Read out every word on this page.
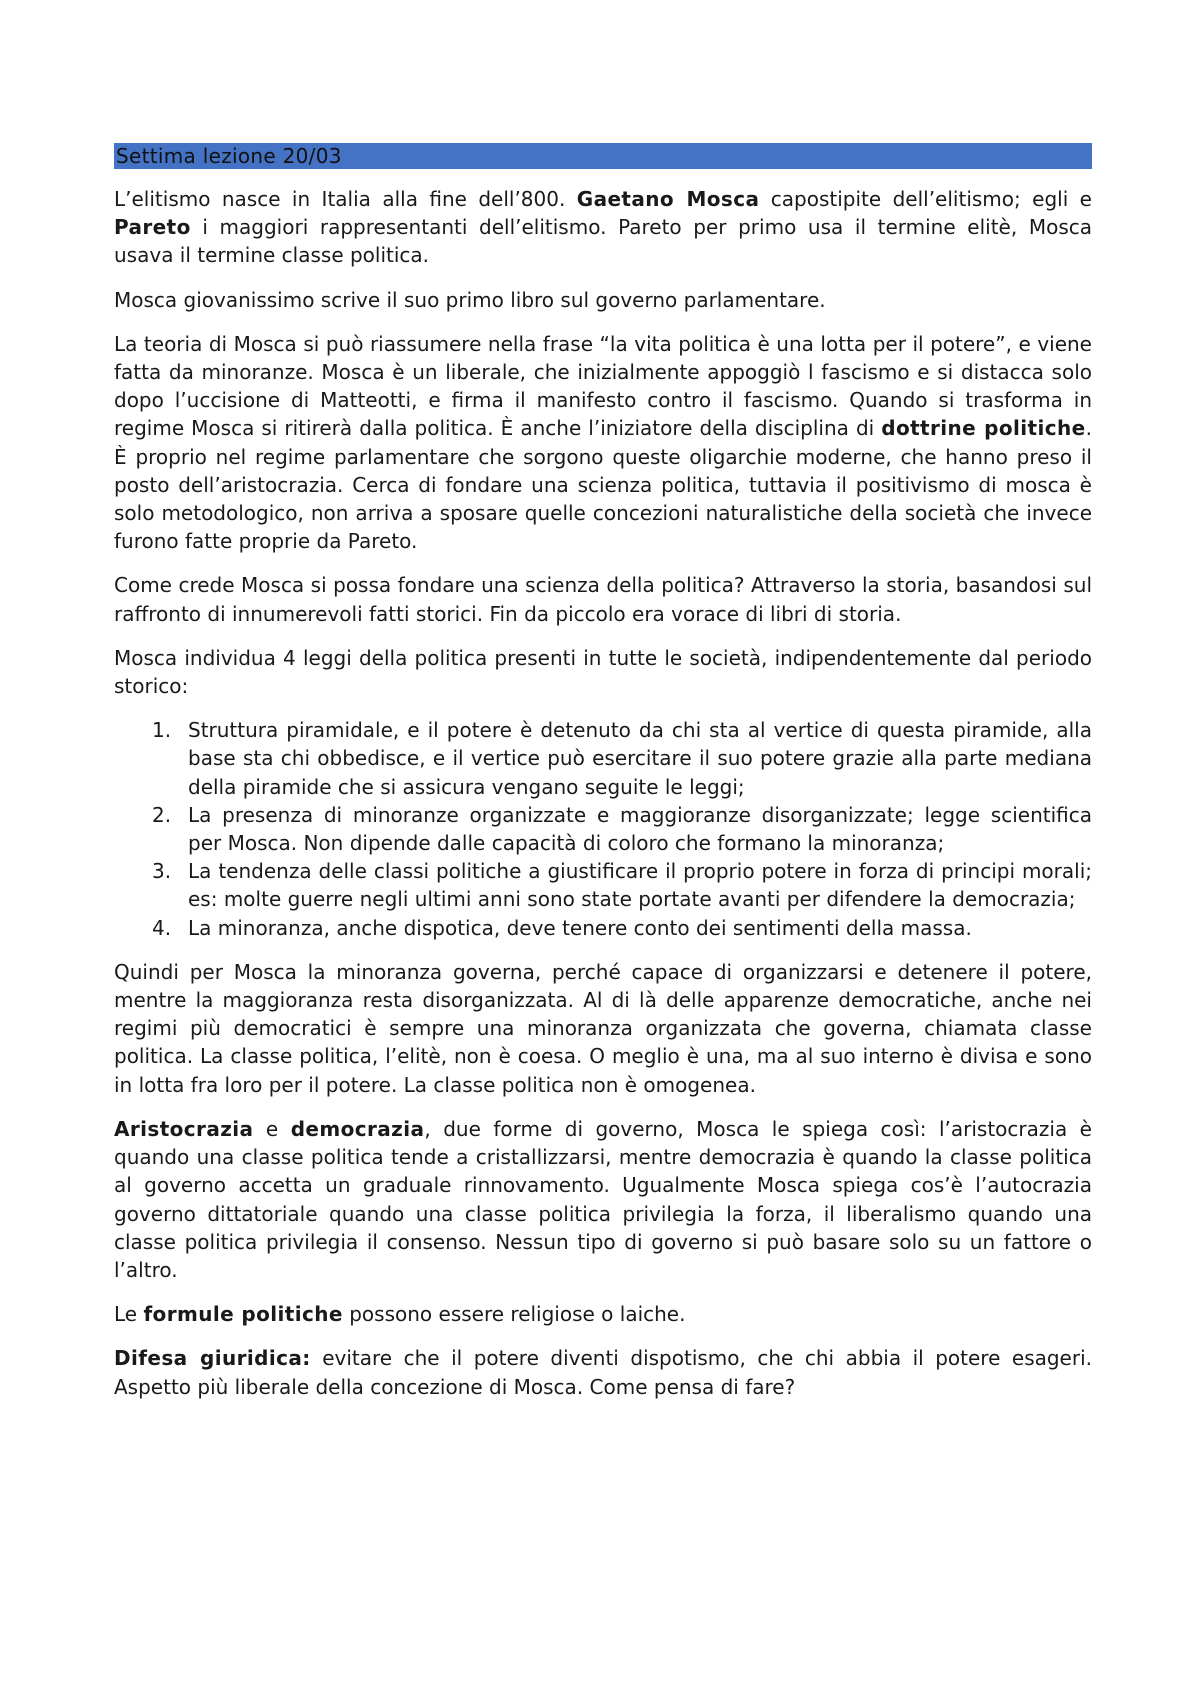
Settima lezione 20/03

L’elitismo nasce in Italia alla fine dell’800. Gaetano Mosca capostipite dell’elitismo; egli e Pareto i maggiori rappresentanti dell’elitismo. Pareto per primo usa il termine elitè, Mosca usava il termine classe politica.

Mosca giovanissimo scrive il suo primo libro sul governo parlamentare.

La teoria di Mosca si può riassumere nella frase “la vita politica è una lotta per il potere”, e viene fatta da minoranze. Mosca è un liberale, che inizialmente appoggiò l fascismo e si distacca solo dopo l’uccisione di Matteotti, e firma il manifesto contro il fascismo. Quando si trasforma in regime Mosca si ritirerà dalla politica. È anche l’iniziatore della disciplina di dottrine politiche. È proprio nel regime parlamentare che sorgono queste oligarchie moderne, che hanno preso il posto dell’aristocrazia. Cerca di fondare una scienza politica, tuttavia il positivismo di mosca è solo metodologico, non arriva a sposare quelle concezioni naturalistiche della società che invece furono fatte proprie da Pareto.

Come crede Mosca si possa fondare una scienza della politica? Attraverso la storia, basandosi sul raffronto di innumerevoli fatti storici. Fin da piccolo era vorace di libri di storia.

Mosca individua 4 leggi della politica presenti in tutte le società, indipendentemente dal periodo storico:

1. Struttura piramidale, e il potere è detenuto da chi sta al vertice di questa piramide, alla base sta chi obbedisce, e il vertice può esercitare il suo potere grazie alla parte mediana della piramide che si assicura vengano seguite le leggi;
2. La presenza di minoranze organizzate e maggioranze disorganizzate; legge scientifica per Mosca. Non dipende dalle capacità di coloro che formano la minoranza;
3. La tendenza delle classi politiche a giustificare il proprio potere in forza di principi morali; es: molte guerre negli ultimi anni sono state portate avanti per difendere la democrazia;
4. La minoranza, anche dispotica, deve tenere conto dei sentimenti della massa.

Quindi per Mosca la minoranza governa, perché capace di organizzarsi e detenere il potere, mentre la maggioranza resta disorganizzata. Al di là delle apparenze democratiche, anche nei regimi più democratici è sempre una minoranza organizzata che governa, chiamata classe politica. La classe politica, l’elitè, non è coesa. O meglio è una, ma al suo interno è divisa e sono in lotta fra loro per il potere. La classe politica non è omogenea.

Aristocrazia e democrazia, due forme di governo, Mosca le spiega così: l’aristocrazia è quando una classe politica tende a cristallizzarsi, mentre democrazia è quando la classe politica al governo accetta un graduale rinnovamento. Ugualmente Mosca spiega cos’è l’autocrazia governo dittatoriale quando una classe politica privilegia la forza, il liberalismo quando una classe politica privilegia il consenso. Nessun tipo di governo si può basare solo su un fattore o l’altro.

Le formule politiche possono essere religiose o laiche.

Difesa giuridica: evitare che il potere diventi dispotismo, che chi abbia il potere esageri. Aspetto più liberale della concezione di Mosca. Come pensa di fare?
